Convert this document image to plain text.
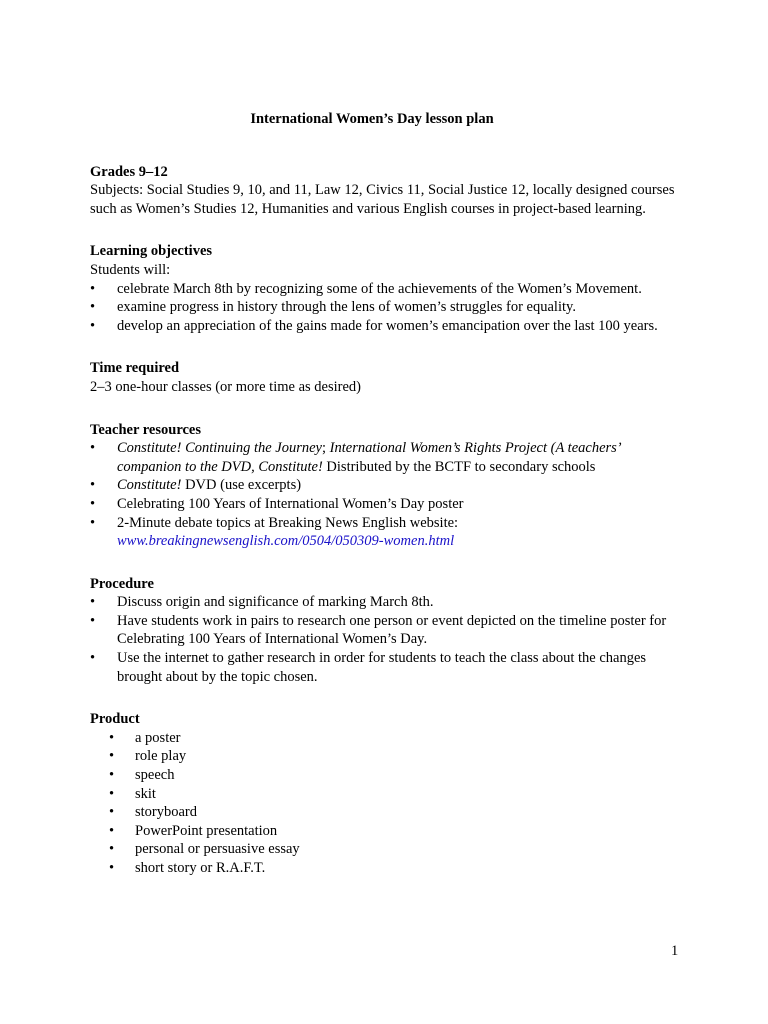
International Women’s Day lesson plan

Grades 9–12

Subjects: Social Studies 9, 10, and 11, Law 12, Civics 11, Social Justice 12, locally designed courses such as Women’s Studies 12, Humanities and various English courses in project-based learning.

Learning objectives

Students will:

• celebrate March 8th by recognizing some of the achievements of the Women’s Movement.
• examine progress in history through the lens of women’s struggles for equality.
• develop an appreciation of the gains made for women’s emancipation over the last 100 years.

Time required

2–3 one-hour classes (or more time as desired)

Teacher resources

• Constitute! Continuing the Journey; International Women’s Rights Project (A teachers’ companion to the DVD, Constitute! Distributed by the BCTF to secondary schools
• Constitute! DVD (use excerpts)
• Celebrating 100 Years of International Women’s Day poster
• 2-Minute debate topics at Breaking News English website:
www.breakingnewsenglish.com/0504/050309-women.html

Procedure

• Discuss origin and significance of marking March 8th.
• Have students work in pairs to research one person or event depicted on the timeline poster for Celebrating 100 Years of International Women’s Day.
• Use the internet to gather research in order for students to teach the class about the changes brought about by the topic chosen.

Product

• a poster
• role play
• speech
• skit
• storyboard
• PowerPoint presentation
• personal or persuasive essay
• short story or R.A.F.T.
1
